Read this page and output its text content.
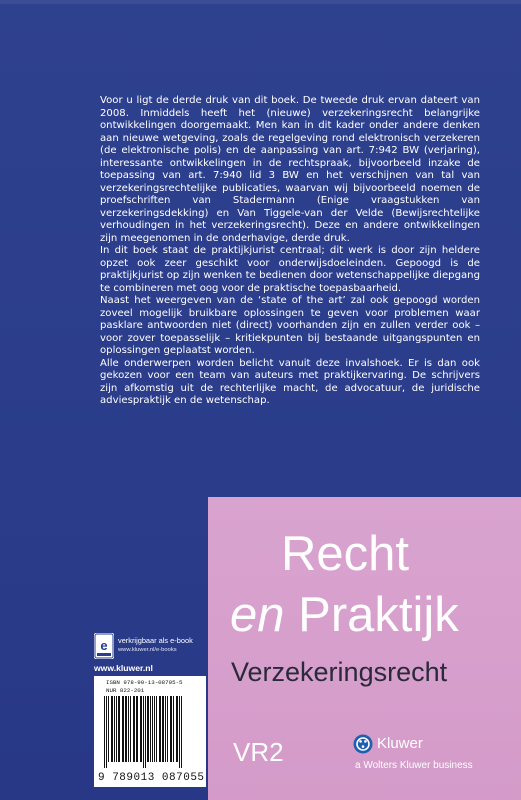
Voor u ligt de derde druk van dit boek. De tweede druk ervan dateert van 2008. Inmiddels heeft het (nieuwe) verzekeringsrecht belangrijke ontwikkelingen doorgemaakt. Men kan in dit kader onder andere denken aan nieuwe wetgeving, zoals de regelgeving rond elektronisch verzekeren (de elektronische polis) en de aanpassing van art. 7:942 BW (verjaring), interessante ontwikkelingen in de rechtspraak, bijvoorbeeld inzake de toepassing van art. 7:940 lid 3 BW en het verschijnen van tal van verzekeringsrechtelijke publicaties, waarvan wij bijvoorbeeld noemen de proefschriften van Stadermann (Enige vraagstukken van verzekeringsdekking) en Van Tiggele-van der Velde (Bewijsrechtelijke verhoudingen in het verzekeringsrecht). Deze en andere ontwikkelingen zijn meegenomen in de onderhavige, derde druk.

In dit boek staat de praktijkjurist centraal; dit werk is door zijn heldere opzet ook zeer geschikt voor onderwijsdoeleinden. Gepoogd is de praktijkjurist op zijn wenken te bedienen door wetenschappelijke diepgang te combineren met oog voor de praktische toepasbaarheid.

Naast het weergeven van de ‘state of the art’ zal ook gepoogd worden zoveel mogelijk bruikbare oplossingen te geven voor problemen waar pasklare antwoorden niet (direct) voorhanden zijn en zullen verder ook – voor zover toepasselijk – kritiekpunten bij bestaande uitgangspunten en oplossingen geplaatst worden.

Alle onderwerpen worden belicht vanuit deze invalshoek. Er is dan ook gekozen voor een team van auteurs met praktijkervaring. De schrijvers zijn afkomstig uit de rechterlijke macht, de advocatuur, de juridische adviespraktijk en de wetenschap.

e verkrijgbaar als e-book
www.kluwer.nl/e-books
www.kluwer.nl
ISBN 978-90-13-08705-5
NUR 822-201
9 789013 087055
Recht
en Praktijk
Verzekeringsrecht
VR2	Kluwer
a Wolters Kluwer business
